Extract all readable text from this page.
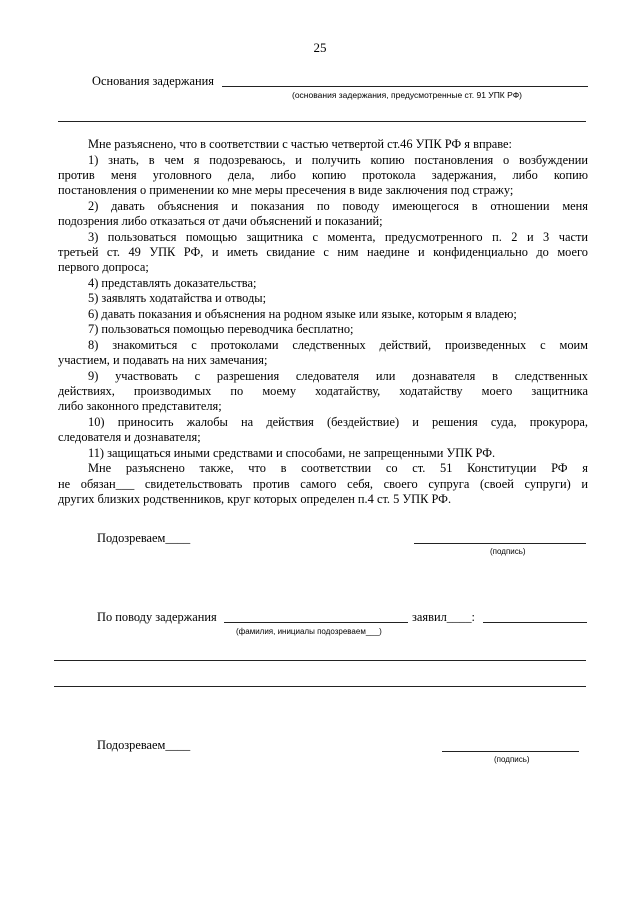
25
Основания задержания
(основания задержания, предусмотренные ст. 91 УПК РФ)
Мне разъяснено, что в соответствии с частью четвертой ст.46 УПК РФ я вправе:
1) знать, в чем я подозреваюсь, и получить копию постановления о возбуждении
против меня уголовного дела, либо копию протокола задержания, либо копию
постановления о применении ко мне меры пресечения в виде заключения под стражу;
2) давать объяснения и показания по поводу имеющегося в отношении меня
подозрения либо отказаться от дачи объяснений и показаний;
3) пользоваться помощью защитника с момента, предусмотренного п. 2 и 3 части
третьей ст. 49 УПК РФ, и иметь свидание с ним наедине и конфиденциально до моего
первого допроса;
4) представлять доказательства;
5) заявлять ходатайства и отводы;
6) давать показания и объяснения на родном языке или языке, которым я владею;
7) пользоваться помощью переводчика бесплатно;
8) знакомиться с протоколами следственных действий, произведенных с моим
участием, и подавать на них замечания;
9) участвовать с разрешения следователя или дознавателя в следственных
действиях, производимых по моему ходатайству, ходатайству моего защитника
либо законного представителя;
10) приносить жалобы на действия (бездействие) и решения суда, прокурора,
следователя и дознавателя;
11) защищаться иными средствами и способами, не запрещенными УПК РФ.
Мне разъяснено также, что в соответствии со ст. 51 Конституции РФ я
не обязан___ свидетельствовать против самого себя, своего супруга (своей супруги) и
других близких родственников, круг которых определен п.4 ст. 5 УПК РФ.
Подозреваем____
(подпись)
По поводу задержания	заявил____:
(фамилия, инициалы подозреваем___)
Подозреваем____
(подпись)
